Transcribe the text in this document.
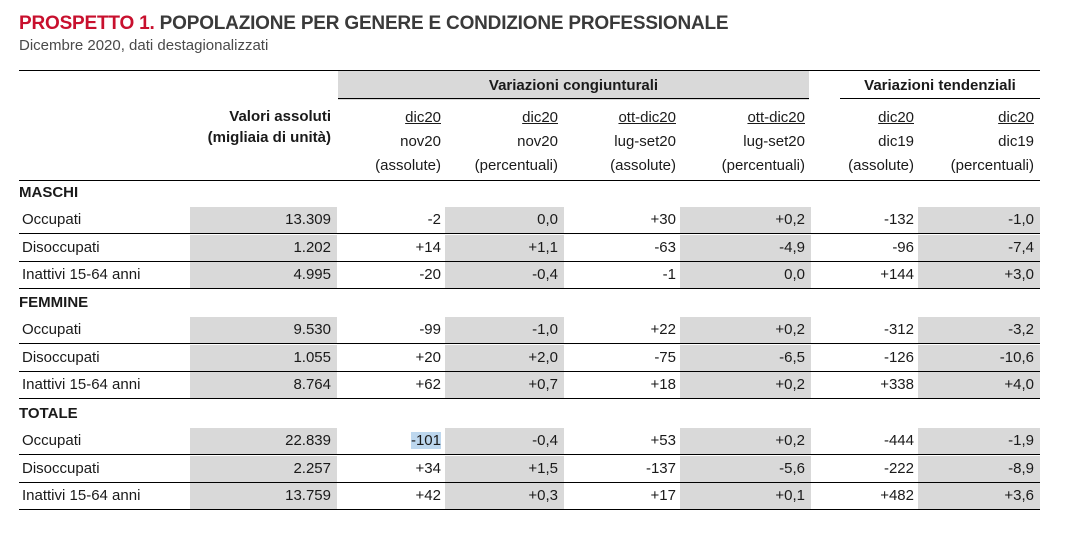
PROSPETTO 1. POPOLAZIONE PER GENERE E CONDIZIONE PROFESSIONALE
Dicembre 2020, dati destagionalizzati
Variazioni congiunturali	Variazioni tendenziali
Valori assoluti
(migliaia di unità)
dic20
nov20
(assolute)
dic20
nov20
(percentuali)
ott-dic20
lug-set20
(assolute)
ott-dic20
lug-set20
(percentuali)
dic20
dic19
(assolute)
dic20
dic19
(percentuali)
MASCHI
Occupati	13.309	-2	0,0	+30	+0,2	-132	-1,0
Disoccupati	1.202	+14	+1,1	-63	-4,9	-96	-7,4
Inattivi 15-64 anni	4.995	-20	-0,4	-1	0,0	+144	+3,0
FEMMINE
Occupati	9.530	-99	-1,0	+22	+0,2	-312	-3,2
Disoccupati	1.055	+20	+2,0	-75	-6,5	-126	-10,6
Inattivi 15-64 anni	8.764	+62	+0,7	+18	+0,2	+338	+4,0
TOTALE
Occupati	22.839	-101	-0,4	+53	+0,2	-444	-1,9
Disoccupati	2.257	+34	+1,5	-137	-5,6	-222	-8,9
Inattivi 15-64 anni	13.759	+42	+0,3	+17	+0,1	+482	+3,6
